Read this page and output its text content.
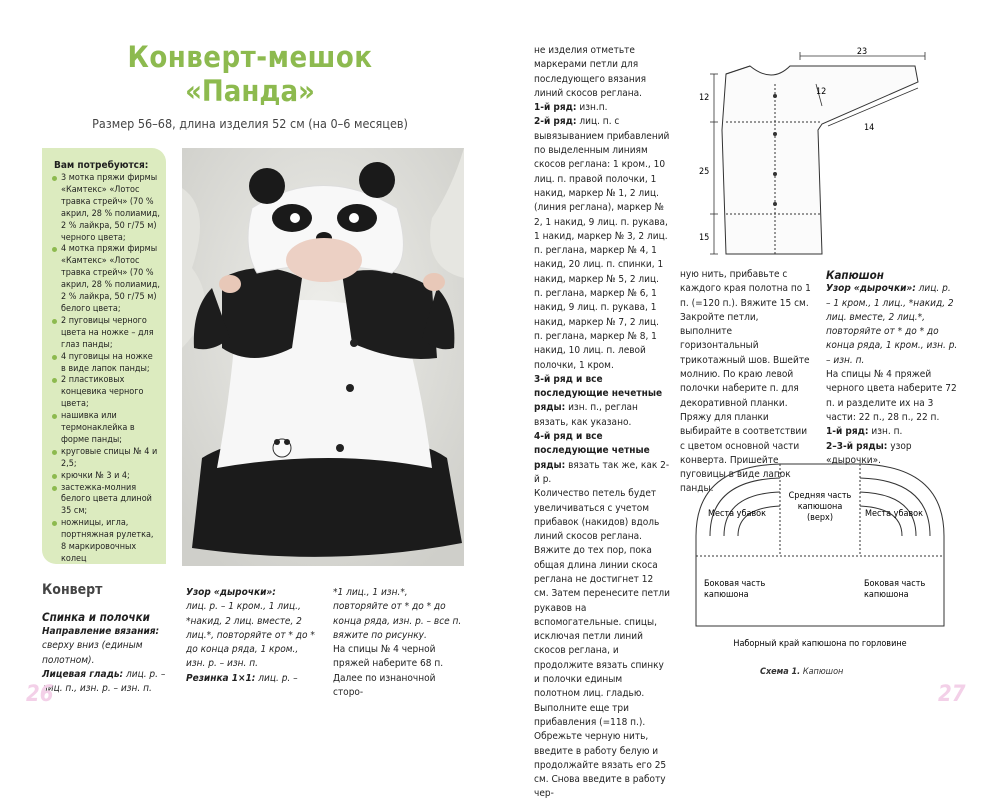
Конверт-мешок
«Панда»
Размер 56–68, длина изделия 52 см (на 0–6 месяцев)
Вам потребуются:
3 мотка пряжи фирмы «Камтекс» «Лотос травка стрейч» (70 % акрил, 28 % полиамид, 2 % лайкра, 50 г/75 м) черного цвета;
4 мотка пряжи фирмы «Камтекс» «Лотос травка стрейч» (70 % акрил, 28 % полиамид, 2 % лайкра, 50 г/75 м) белого цвета;
2 пуговицы черного цвета на ножке – для глаз панды;
4 пуговицы на ножке в виде лапок панды;
2 пластиковых концевика черного цвета;
нашивка или термонаклейка в форме панды;
круговые спицы № 4 и 2,5;
крючки № 3 и 4;
застежка-молния белого цвета длиной 35 см;
ножницы, игла, портняжная рулетка, 8 маркировочных колец
Конверт
Спинка и полочки

Направление вязания: сверху вниз (единым полотном).

Лицевая гладь: лиц. р. – лиц. п., изн. р. – изн. п.

Узор «дырочки»:

лиц. р. – 1 кром., 1 лиц., *накид, 2 лиц. вместе, 2 лиц.*, повторяйте от * до * до конца ряда, 1 кром., изн. р. – изн. п.

Резинка 1×1: лиц. р. –

*1 лиц., 1 изн.*, повторяйте от * до * до конца ряда, изн. р. – все п. вяжите по рисунку.

На спицы № 4 черной пряжей наберите 68 п. Далее по изнаночной сторо-

26

не изделия отметьте маркерами петли для последующего вязания линий скосов реглана.

1-й ряд: изн.п.

2-й ряд: лиц. п. с вывязыванием прибавлений по выделенным линиям скосов реглана: 1 кром., 10 лиц. п. правой полочки, 1 накид, маркер № 1, 2 лиц. (линия реглана), маркер № 2, 1 накид, 9 лиц. п. рукава, 1 накид, маркер № 3, 2 лиц. п. реглана, маркер № 4, 1 накид, 20 лиц. п. спинки, 1 накид, маркер № 5, 2 лиц. п. реглана, маркер № 6, 1 накид, 9 лиц. п. рукава, 1 накид, маркер № 7, 2 лиц. п. реглана, маркер № 8, 1 накид, 10 лиц. п. левой полочки, 1 кром.

3-й ряд и все последующие нечетные ряды: изн. п., реглан вязать, как указано.

4-й ряд и все последующие четные ряды: вязать так же, как 2-й р.

Количество петель будет увеличиваться с учетом прибавок (накидов) вдоль линий скосов реглана. Вяжите до тех пор, пока общая длина линии скоса реглана не достигнет 12 см. Затем перенесите петли рукавов на вспомогательные. спицы, исключая петли линий скосов реглана, и продолжите вязать спинку и полочки единым полотном лиц. гладью. Выполните еще три прибавления (=118 п.). Обрежьте черную нить, введите в работу белую и продолжайте вязать его 25 см. Снова введите в работу чер-

23
12
12
14
25
15

ную нить, прибавьте с каждого края полотна по 1 п. (=120 п.). Вяжите 15 см. Закройте петли, выполните горизонтальный трикотажный шов. Вшейте молнию. По краю левой полочки наберите п. для декоративной планки. Пряжу для планки выбирайте в соответствии с цветом основной части конверта. Пришейте пуговицы в виде лапок панды.

Капюшон

Узор «дырочки»: лиц. р. – 1 кром., 1 лиц., *накид, 2 лиц. вместе, 2 лиц.*, повторяйте от * до * до конца ряда, 1 кром., изн. р. – изн. п.

На спицы № 4 пряжей черного цвета наберите 72 п. и разделите их на 3 части: 22 п., 28 п., 22 п.

1-й ряд: изн. п.

2–3-й ряды: узор «дырочки».

Средняя часть капюшона (верх)
Места убавок	Места убавок
Боковая часть капюшона
Боковая часть капюшона
Наборный край капюшона по горловине
Схема 1. Капюшон
27
